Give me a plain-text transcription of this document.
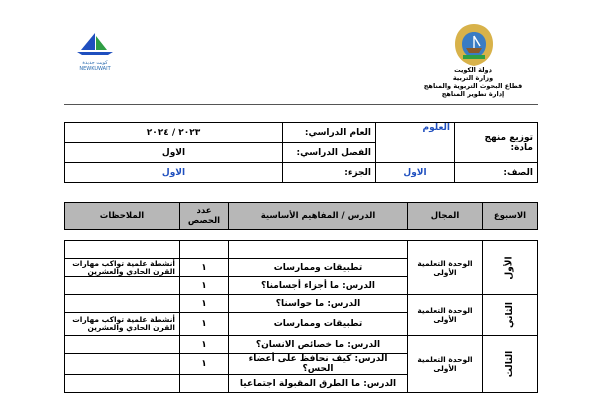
كويت جديدة
NEWKUWAIT	دولة الكويت
وزارة التربية
قطاع البحوث التربوية والمناهج
إدارة تطوير المناهج
توزيع منهج مادة:	العلوم	العام الدراسي:	٢٠٢٣ / ٢٠٢٤
		الفصل الدراسي:	الاول
الصف:	الاول	الجزء:	الاول
الاسبوع	المجال	الدرس / المفاهيم الأساسية	عدد الحصص	الملاحظات

الأول	الوحدة التعلمية الأولى			
		تطبيقات وممارسات	١	أنشطة علمية تواكب مهارات القرن الحادي والعشرين
		الدرس: ما أجزاء أجسامنا؟	١	
الثاني	الوحدة التعلمية الأولى	الدرس: ما حواسنا؟	١	
		تطبيقات وممارسات	١	أنشطة علمية تواكب مهارات القرن الحادي والعشرين
الثالث	الوحدة التعلمية الأولى	الدرس: ما خصائص الانسان؟	١	
		الدرس: كيف نحافظ على أعضاء الحس؟	١	
		الدرس: ما الطرق المقبولة اجتماعيا		
